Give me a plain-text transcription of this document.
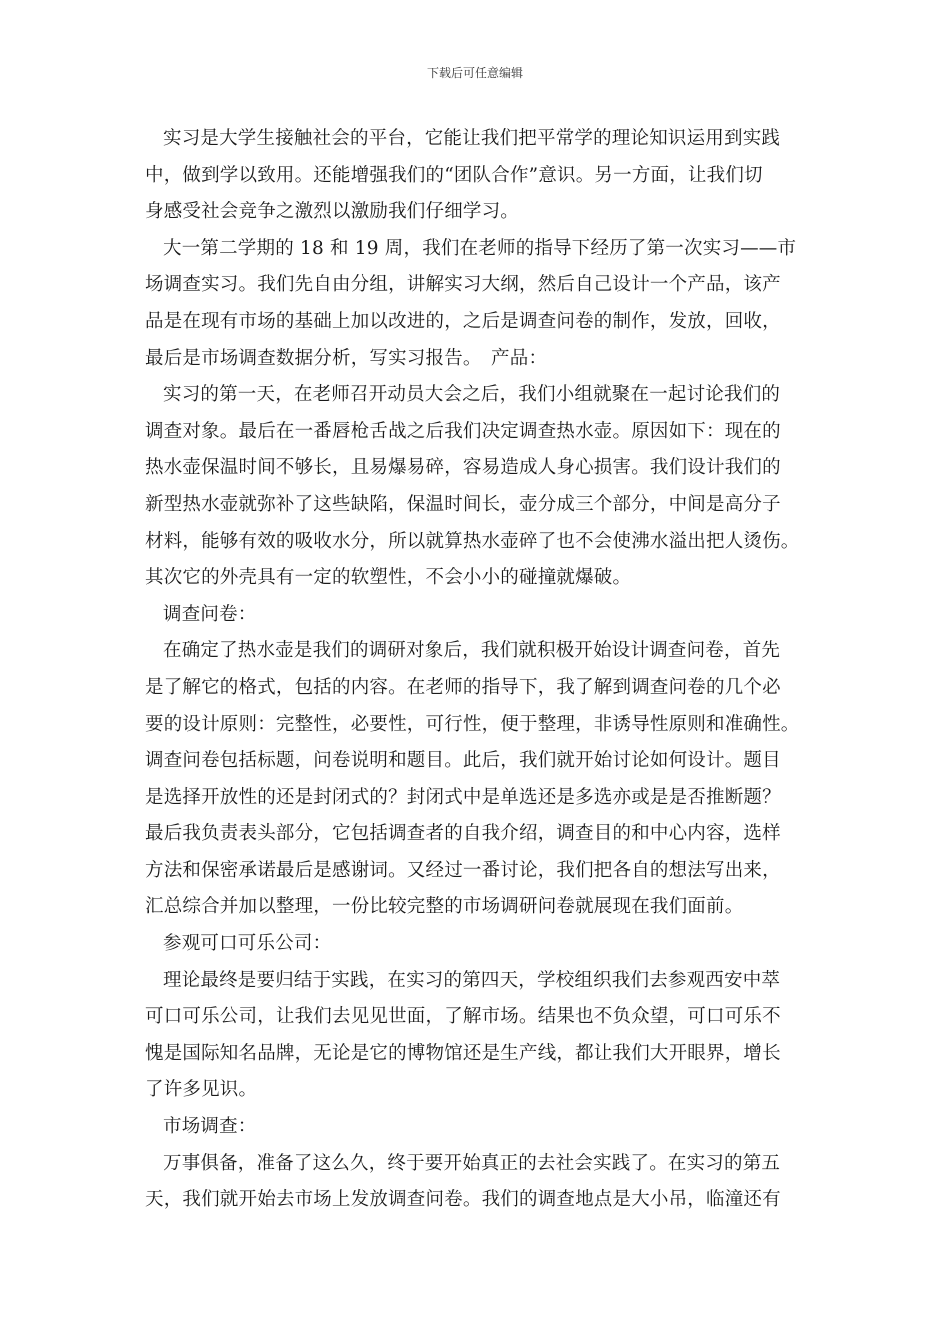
下载后可任意编辑

实习是大学生接触社会的平台，它能让我们把平常学的理论知识运用到实践

中，做到学以致用。还能增强我们的“团队合作”意识。另一方面，让我们切

身感受社会竞争之激烈以激励我们仔细学习。

大一第二学期的 18 和 19 周，我们在老师的指导下经历了第一次实习——市

场调查实习。我们先自由分组，讲解实习大纲，然后自己设计一个产品，该产

品是在现有市场的基础上加以改进的，之后是调查问卷的制作，发放，回收，

最后是市场调查数据分析，写实习报告。　产品：

实习的第一天，在老师召开动员大会之后，我们小组就聚在一起讨论我们的

调查对象。最后在一番唇枪舌战之后我们决定调查热水壶。原因如下：现在的

热水壶保温时间不够长，且易爆易碎，容易造成人身心损害。我们设计我们的

新型热水壶就弥补了这些缺陷，保温时间长，壶分成三个部分，中间是高分子

材料，能够有效的吸收水分，所以就算热水壶碎了也不会使沸水溢出把人烫伤。

其次它的外壳具有一定的软塑性，不会小小的碰撞就爆破。

调查问卷：

在确定了热水壶是我们的调研对象后，我们就积极开始设计调查问卷，首先

是了解它的格式，包括的内容。在老师的指导下，我了解到调查问卷的几个必

要的设计原则：完整性，必要性，可行性，便于整理，非诱导性原则和准确性。

调查问卷包括标题，问卷说明和题目。此后，我们就开始讨论如何设计。题目

是选择开放性的还是封闭式的？封闭式中是单选还是多选亦或是是否推断题？

最后我负责表头部分，它包括调查者的自我介绍，调查目的和中心内容，选样

方法和保密承诺最后是感谢词。又经过一番讨论，我们把各自的想法写出来，

汇总综合并加以整理，一份比较完整的市场调研问卷就展现在我们面前。

参观可口可乐公司：

理论最终是要归结于实践，在实习的第四天，学校组织我们去参观西安中萃

可口可乐公司，让我们去见见世面，了解市场。结果也不负众望，可口可乐不

愧是国际知名品牌，无论是它的博物馆还是生产线，都让我们大开眼界，增长

了许多见识。

市场调查：

万事俱备，准备了这么久，终于要开始真正的去社会实践了。在实习的第五

天，我们就开始去市场上发放调查问卷。我们的调查地点是大小吊，临潼还有
